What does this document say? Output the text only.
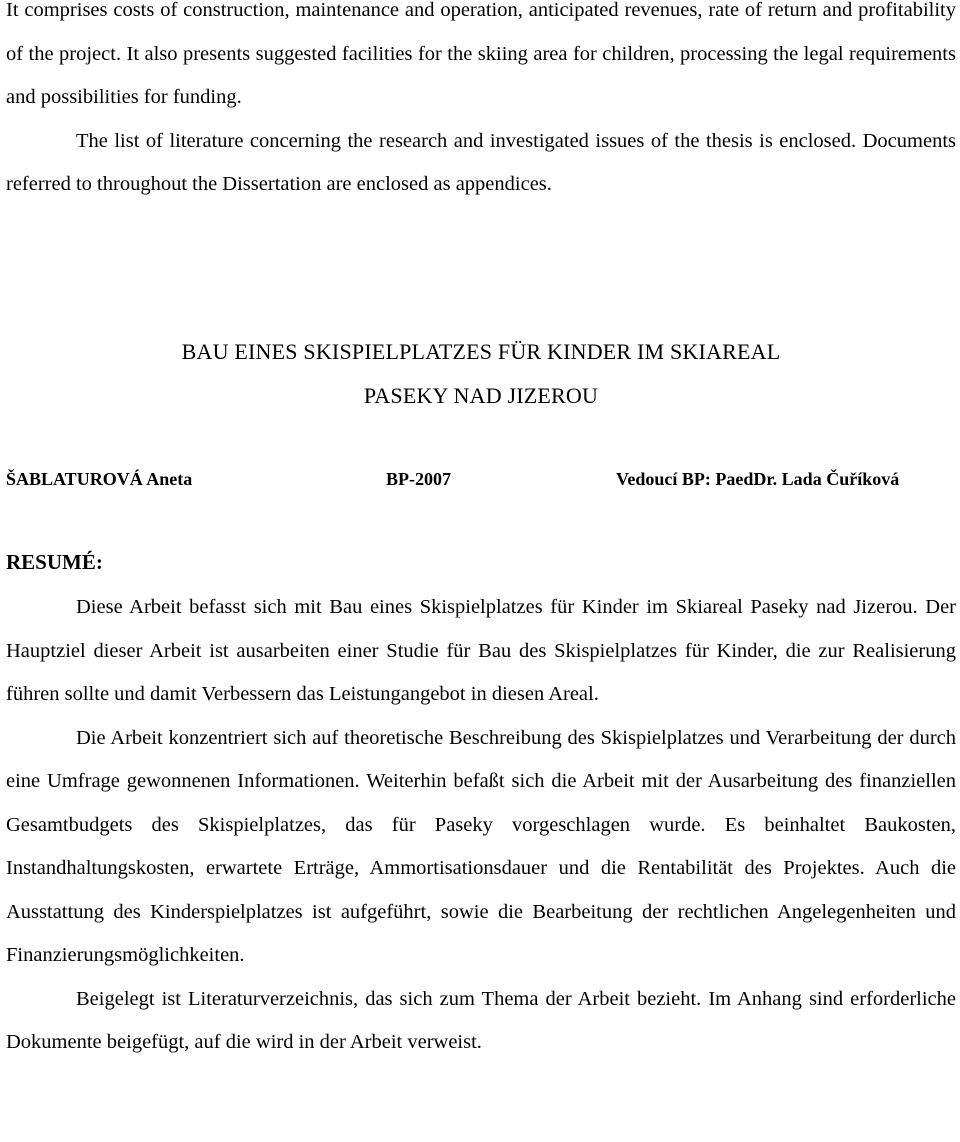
It comprises costs of construction, maintenance and operation, anticipated revenues, rate of return and profitability of the project. It also presents suggested facilities for the skiing area for children, processing the legal requirements and possibilities for funding.

The list of literature concerning the research and investigated issues of the thesis is enclosed. Documents referred to throughout the Dissertation are enclosed as appendices.

BAU EINES SKISPIELPLATZES FÜR KINDER IM SKIAREAL
PASEKY NAD JIZEROU
ŠABLATUROVÁ Aneta	BP-2007	Vedoucí BP: PaedDr. Lada Čuříková
RESUMÉ:

Diese Arbeit befasst sich mit Bau eines Skispielplatzes für Kinder im Skiareal Paseky nad Jizerou. Der Hauptziel dieser Arbeit ist ausarbeiten einer Studie für Bau des Skispielplatzes für Kinder, die zur Realisierung führen sollte und damit Verbessern das Leistungangebot in diesen Areal.

Die Arbeit konzentriert sich auf theoretische Beschreibung des Skispielplatzes und Verarbeitung der durch eine Umfrage gewonnenen Informationen. Weiterhin befaßt sich die Arbeit mit der Ausarbeitung des finanziellen Gesamtbudgets des Skispielplatzes, das für Paseky vorgeschlagen wurde. Es beinhaltet Baukosten, Instandhaltungskosten, erwartete Erträge, Ammortisationsdauer und die Rentabilität des Projektes. Auch die Ausstattung des Kinderspielplatzes ist aufgeführt, sowie die Bearbeitung der rechtlichen Angelegenheiten und Finanzierungsmöglichkeiten.

Beigelegt ist Literaturverzeichnis, das sich zum Thema der Arbeit bezieht. Im Anhang sind erforderliche Dokumente beigefügt, auf die wird in der Arbeit verweist.
